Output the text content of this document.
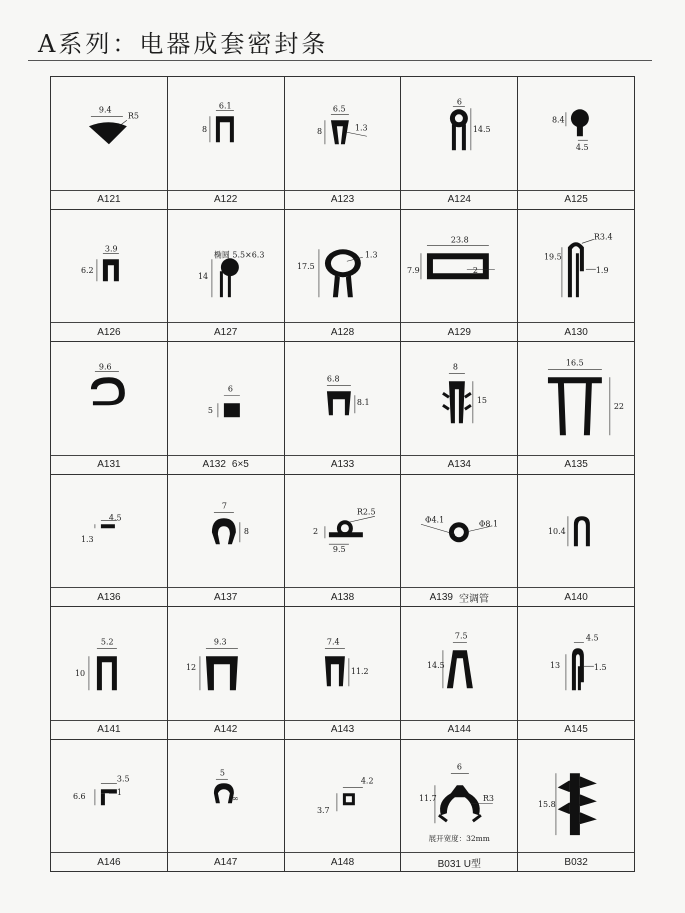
A系列：电器成套密封条
9.4
R5
A121
6.1
8
A122
6.5
8	1.3
A123
6
14.5
A124
8.4
4.5
A125
3.9
6.2
A126
椭圆 5.5×6.3
14
A127
17.5
1.3
A128
23.8
7.9	2
A129
R3.4
19.5
1.9
A130
9.6
A131
6
5
A132 6×5
6.8
8.1
A133
8
15
A134
16.5
22
A135
4.5
1.3
A136
7
8
A137
R2.5
2
9.5
A138
Φ4.1	Φ8.1
A139 空调管
10.4
A140
5.2
10
A141
9.3
12
A142
7.4
11.2
A143
7.5
14.5
A144
4.5
13	1.5
A145
3.5
6.6	1
A146
5
∞
A147
4.2
3.7
A148
6
11.7	R3
展开宽度：32mm
B031 U型
15.8
B032
